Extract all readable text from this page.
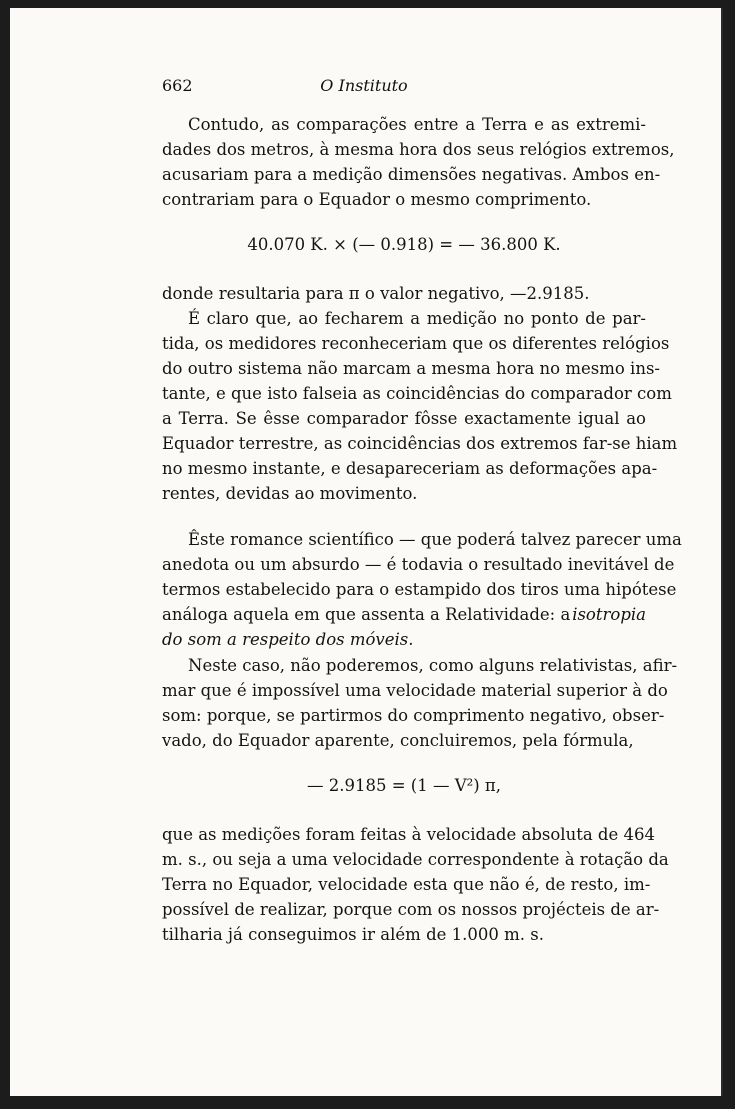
662	O Instituto
Contudo, as comparações entre a Terra e as extremi-
dades dos metros, à mesma hora dos seus relógios extremos,
acusariam para a medição dimensões negativas. Ambos en-
contrariam para o Equador o mesmo comprimento.
40.070 K. × (— 0.918) = — 36.800 K.
donde resultaria para π o valor negativo, —2.9185.
É claro que, ao fecharem a medição no ponto de par-
tida, os medidores reconheceriam que os diferentes relógios
do outro sistema não marcam a mesma hora no mesmo ins-
tante, e que isto falseia as coincidências do comparador com
a Terra. Se êsse comparador fôsse exactamente igual ao
Equador terrestre, as coincidências dos extremos far-se hiam
no mesmo instante, e desapareceriam as deformações apa-
rentes, devidas ao movimento.
Êste romance scientífico — que poderá talvez parecer uma
anedota ou um absurdo — é todavia o resultado inevitável de
termos estabelecido para o estampido dos tiros uma hipótese
análoga aquela em que assenta a Relatividade: a isotropia
do som a respeito dos móveis.
Neste caso, não poderemos, como alguns relativistas, afir-
mar que é impossível uma velocidade material superior à do
som: porque, se partirmos do comprimento negativo, obser-
vado, do Equador aparente, concluiremos, pela fórmula,
— 2.9185 = (1 — V²) π,
que as medições foram feitas à velocidade absoluta de 464
m. s., ou seja a uma velocidade correspondente à rotação da
Terra no Equador, velocidade esta que não é, de resto, im-
possível de realizar, porque com os nossos projécteis de ar-
tilharia já conseguimos ir além de 1.000 m. s.
